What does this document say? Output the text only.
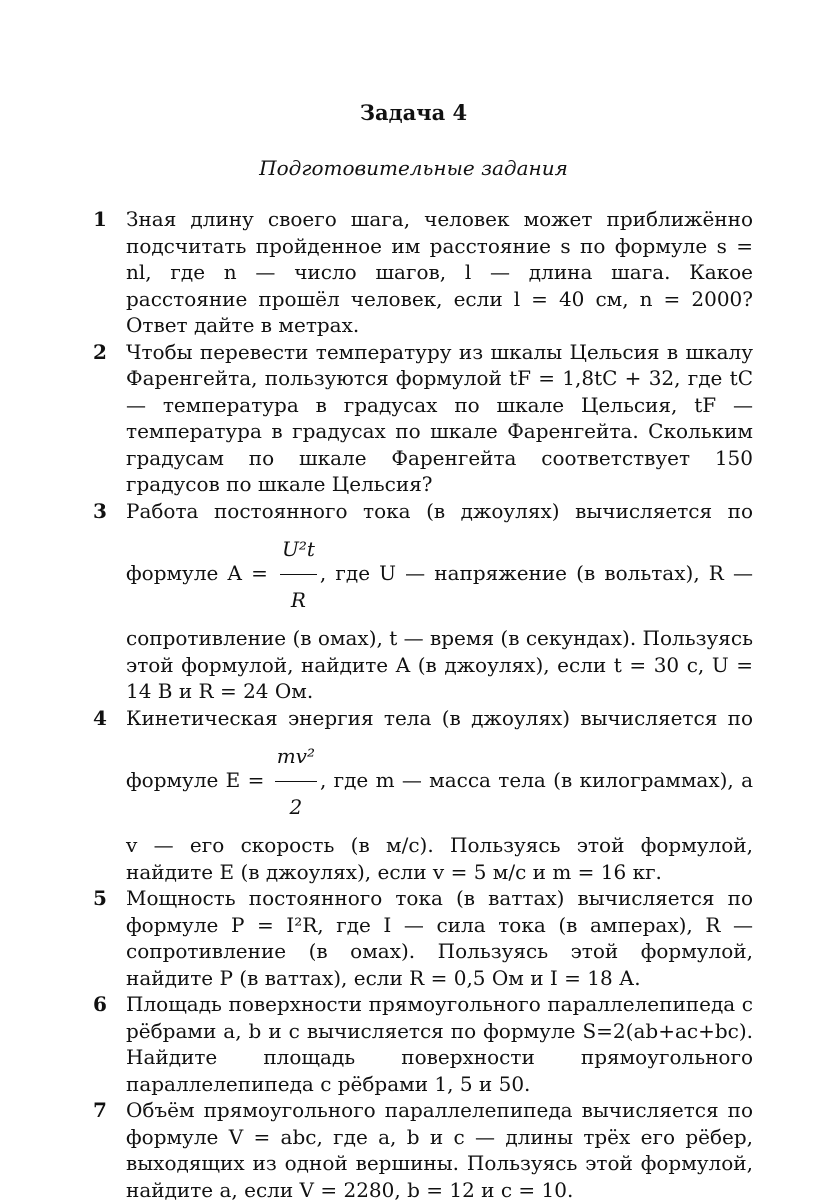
Задача 4
Подготовительные задания
1 Зная длину своего шага, человек может приближённо подсчитать пройденное им расстояние s по формуле s = nl, где n — число шагов, l — длина шага. Какое расстояние прошёл человек, если l = 40 см, n = 2000? Ответ дайте в метрах.
2 Чтобы перевести температуру из шкалы Цельсия в шкалу Фаренгейта, пользуются формулой tF = 1,8tC + 32, где tC — температура в градусах по шкале Цельсия, tF — температура в градусах по шкале Фаренгейта. Скольким градусам по шкале Фаренгейта соответствует 150 градусов по шкале Цельсия?
3 Работа постоянного тока (в джоулях) вычисляется по формуле $A = \frac{\text{U²t}}{R}$ , где U — напряжение (в вольтах), R — сопротивление (в омах), t — время (в секундах). Пользуясь этой формулой, найдите A (в джоулях), если t = 30 с, U = 14 В и R = 24 Ом.
4 Кинетическая энергия тела (в джоулях) вычисляется по формуле $E = \frac{\text{mv²}}{2}$ , где m — масса тела (в килограммах), а v — его скорость (в м/с). Пользуясь этой формулой, найдите E (в джоулях), если v = 5 м/с и m = 16 кг.
5 Мощность постоянного тока (в ваттах) вычисляется по формуле P = I²R, где I — сила тока (в амперах), R — сопротивление (в омах). Пользуясь этой формулой, найдите P (в ваттах), если R = 0,5 Ом и I = 18 А.
6 Площадь поверхности прямоугольного параллелепипеда с рёбрами a, b и c вычисляется по формуле S=2(ab+ac+bc). Найдите площадь поверхности прямоугольного параллелепипеда с рёбрами 1, 5 и 50.
7 Объём прямоугольного параллелепипеда вычисляется по формуле V = abc, где a, b и c — длины трёх его рёбер, выходящих из одной вершины. Пользуясь этой формулой, найдите a, если V = 2280, b = 12 и c = 10.
